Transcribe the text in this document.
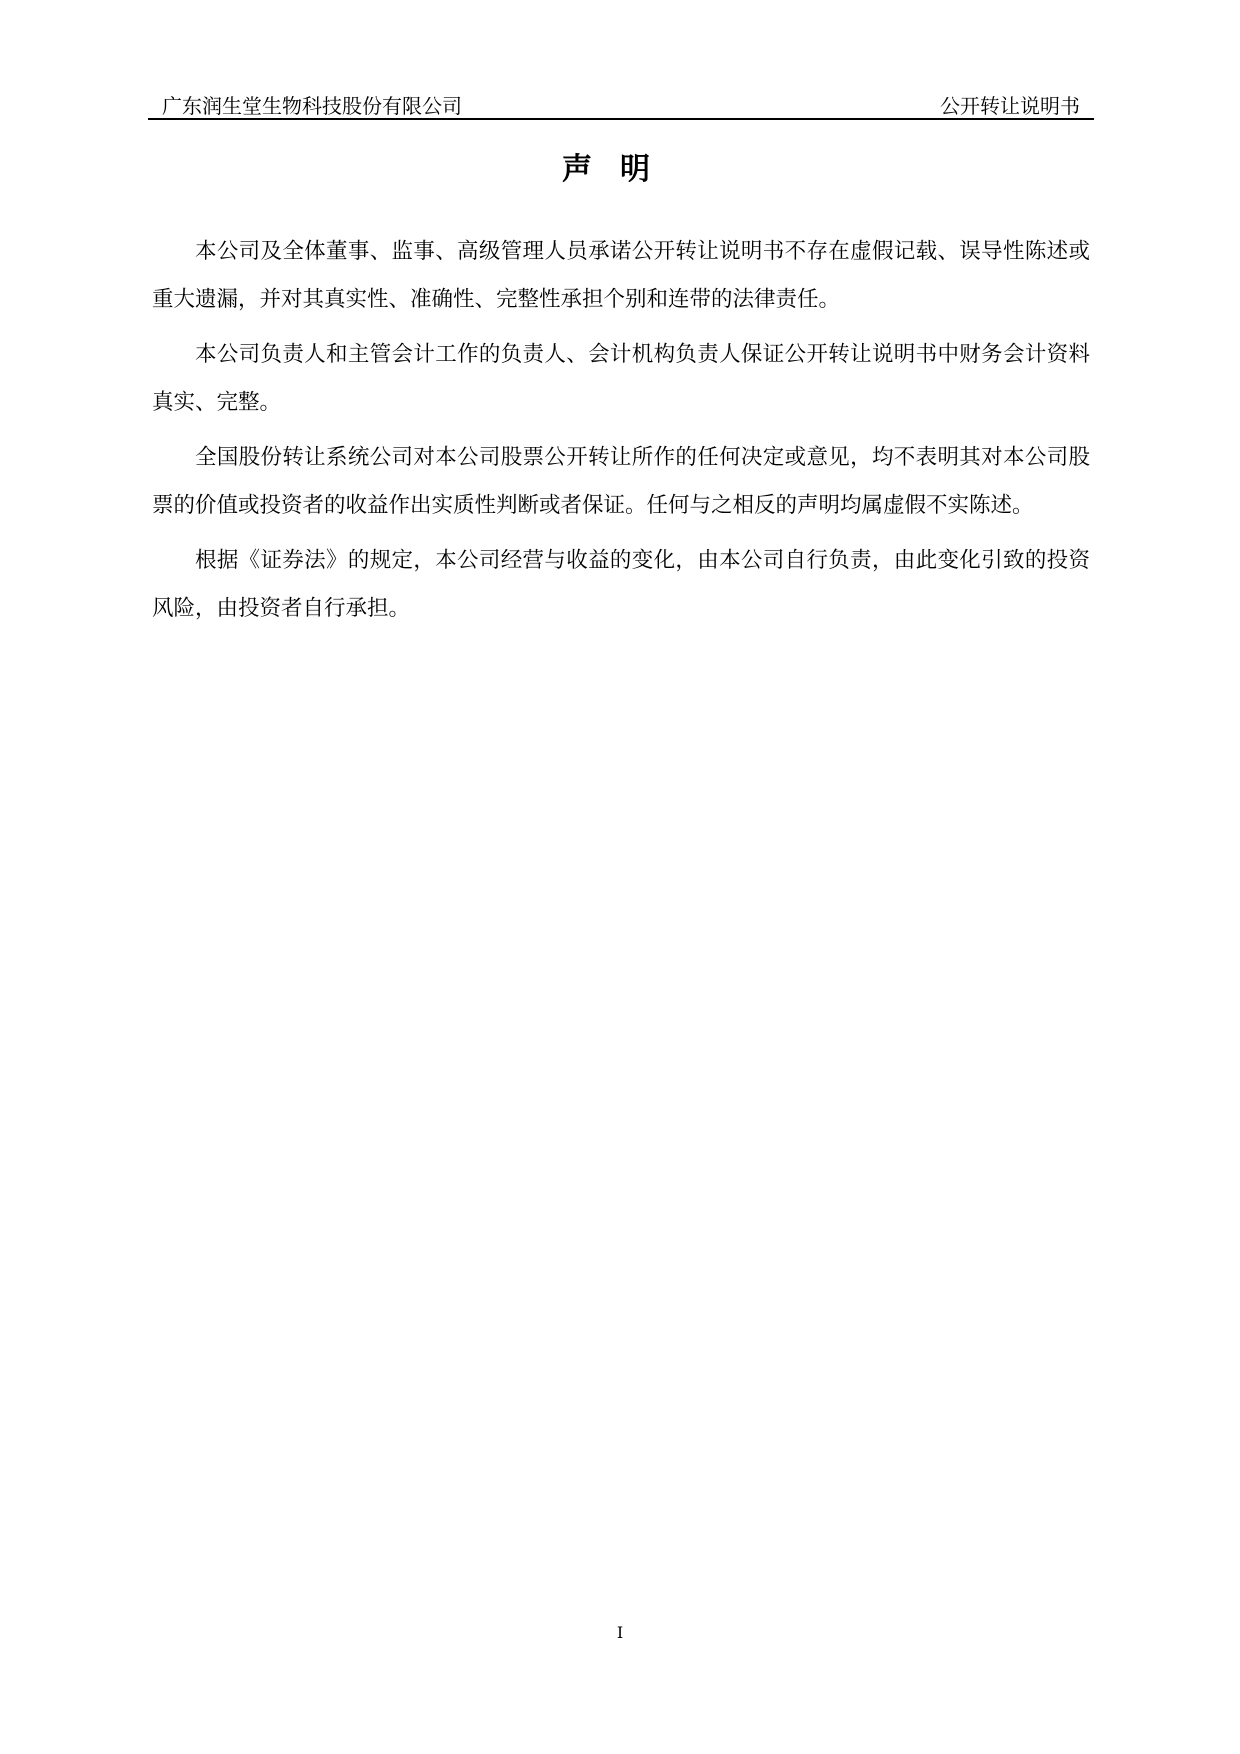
广东润生堂生物科技股份有限公司	公开转让说明书
声明

本公司及全体董事、监事、高级管理人员承诺公开转让说明书不存在虚假记载、误导性陈述或重大遗漏，并对其真实性、准确性、完整性承担个别和连带的法律责任。

本公司负责人和主管会计工作的负责人、会计机构负责人保证公开转让说明书中财务会计资料真实、完整。

全国股份转让系统公司对本公司股票公开转让所作的任何决定或意见，均不表明其对本公司股票的价值或投资者的收益作出实质性判断或者保证。任何与之相反的声明均属虚假不实陈述。

根据《证券法》的规定，本公司经营与收益的变化，由本公司自行负责，由此变化引致的投资风险，由投资者自行承担。

I
